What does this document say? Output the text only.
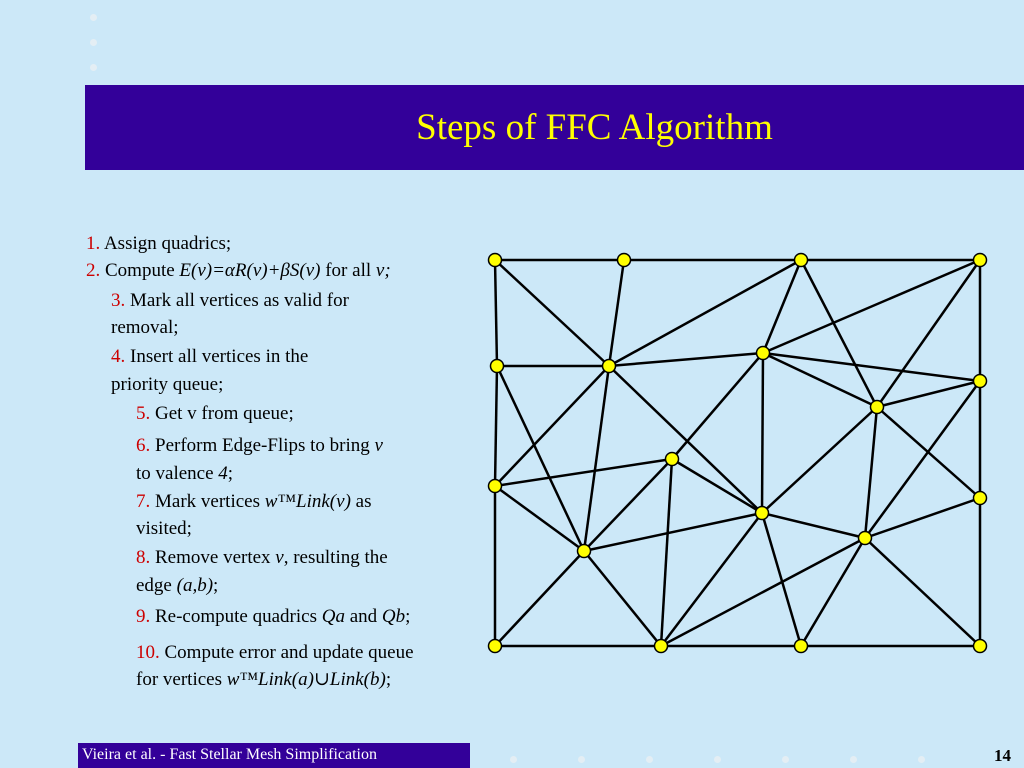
Steps of FFC Algorithm
1. Assign quadrics;
2. Compute E(v)=αR(v)+βS(v) for all v;
3. Mark all vertices as valid for
removal;
4. Insert all vertices in the
priority queue;
5. Get v from queue;
6. Perform Edge-Flips to bring v
to valence 4;
7. Mark vertices w™Link(v) as
visited;
8. Remove vertex v, resulting the
edge (a,b);
9. Re-compute quadrics Qa and Qb;
10. Compute error and update queue
for vertices w™Link(a)∪Link(b);
Vieira et al. - Fast Stellar Mesh Simplification	14
